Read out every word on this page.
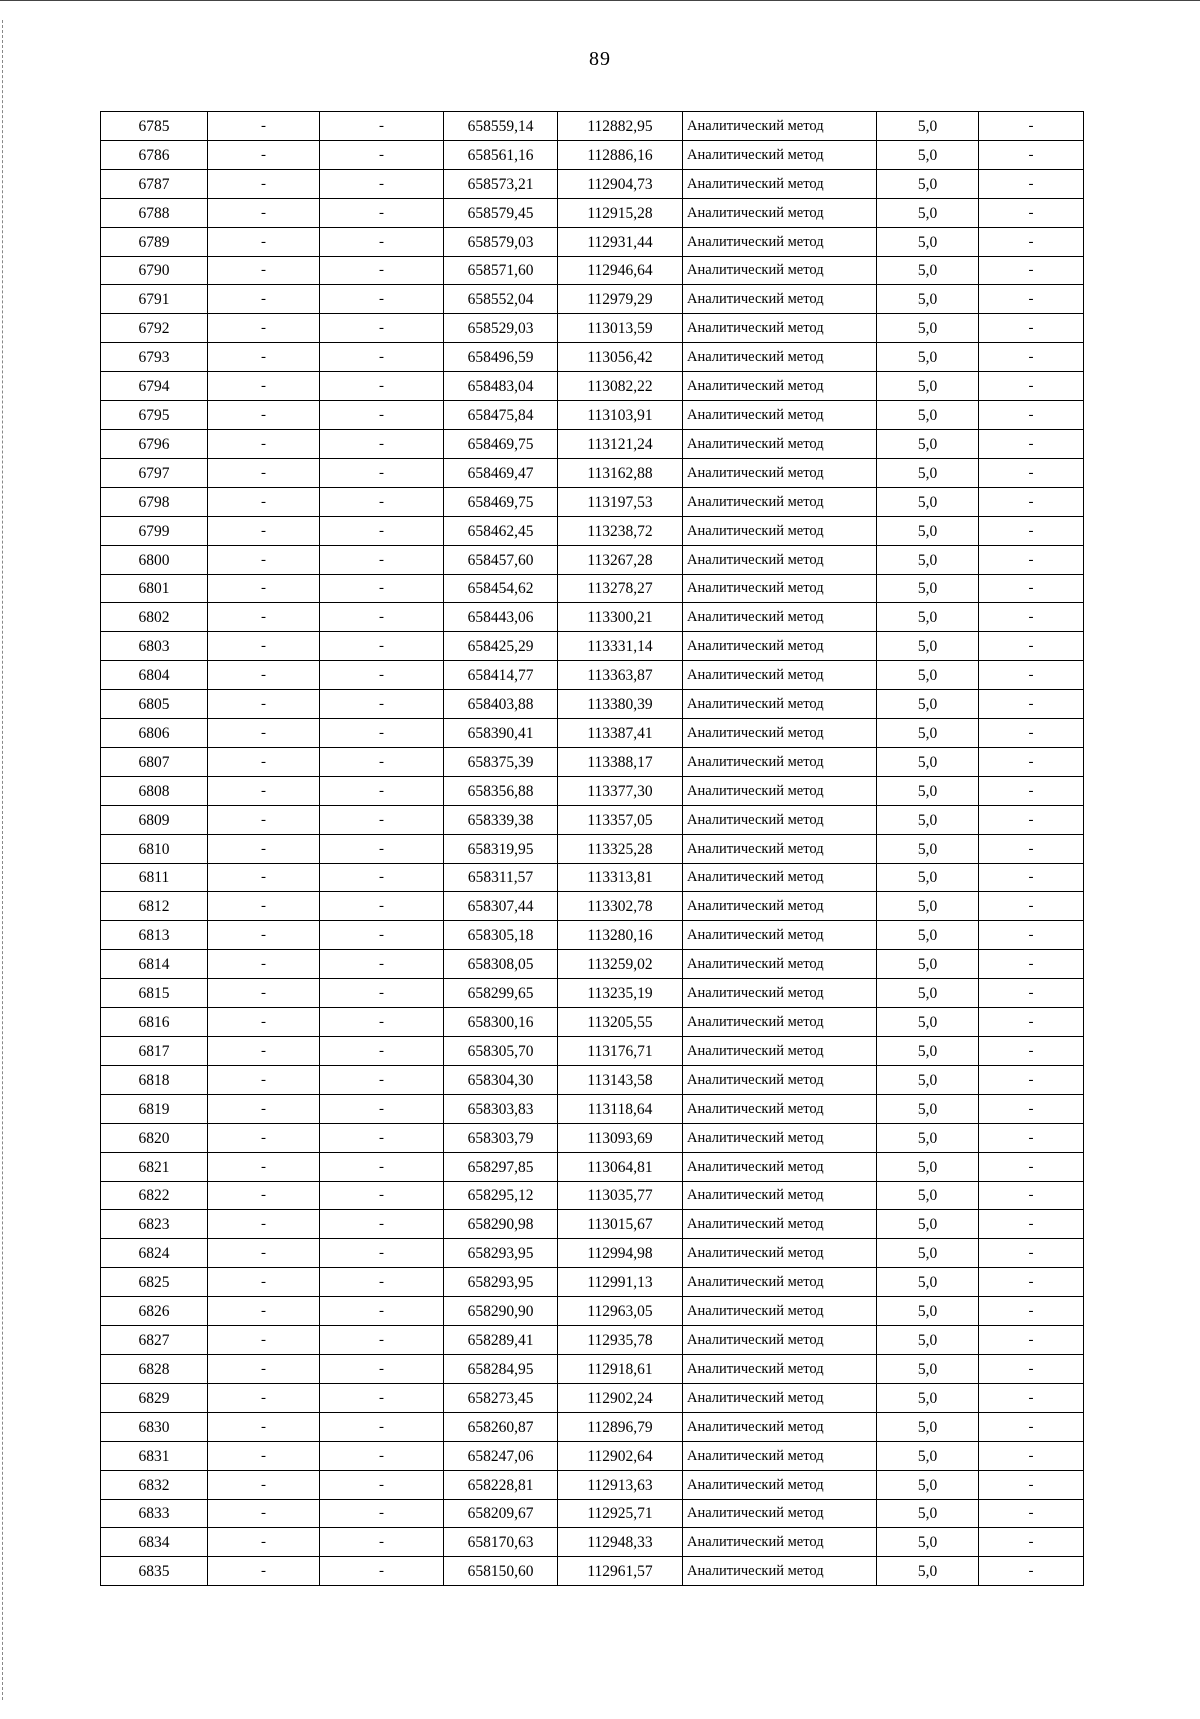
89
6785	-	-	658559,14	112882,95	Аналитический метод	5,0	-
6786	-	-	658561,16	112886,16	Аналитический метод	5,0	-
6787	-	-	658573,21	112904,73	Аналитический метод	5,0	-
6788	-	-	658579,45	112915,28	Аналитический метод	5,0	-
6789	-	-	658579,03	112931,44	Аналитический метод	5,0	-
6790	-	-	658571,60	112946,64	Аналитический метод	5,0	-
6791	-	-	658552,04	112979,29	Аналитический метод	5,0	-
6792	-	-	658529,03	113013,59	Аналитический метод	5,0	-
6793	-	-	658496,59	113056,42	Аналитический метод	5,0	-
6794	-	-	658483,04	113082,22	Аналитический метод	5,0	-
6795	-	-	658475,84	113103,91	Аналитический метод	5,0	-
6796	-	-	658469,75	113121,24	Аналитический метод	5,0	-
6797	-	-	658469,47	113162,88	Аналитический метод	5,0	-
6798	-	-	658469,75	113197,53	Аналитический метод	5,0	-
6799	-	-	658462,45	113238,72	Аналитический метод	5,0	-
6800	-	-	658457,60	113267,28	Аналитический метод	5,0	-
6801	-	-	658454,62	113278,27	Аналитический метод	5,0	-
6802	-	-	658443,06	113300,21	Аналитический метод	5,0	-
6803	-	-	658425,29	113331,14	Аналитический метод	5,0	-
6804	-	-	658414,77	113363,87	Аналитический метод	5,0	-
6805	-	-	658403,88	113380,39	Аналитический метод	5,0	-
6806	-	-	658390,41	113387,41	Аналитический метод	5,0	-
6807	-	-	658375,39	113388,17	Аналитический метод	5,0	-
6808	-	-	658356,88	113377,30	Аналитический метод	5,0	-
6809	-	-	658339,38	113357,05	Аналитический метод	5,0	-
6810	-	-	658319,95	113325,28	Аналитический метод	5,0	-
6811	-	-	658311,57	113313,81	Аналитический метод	5,0	-
6812	-	-	658307,44	113302,78	Аналитический метод	5,0	-
6813	-	-	658305,18	113280,16	Аналитический метод	5,0	-
6814	-	-	658308,05	113259,02	Аналитический метод	5,0	-
6815	-	-	658299,65	113235,19	Аналитический метод	5,0	-
6816	-	-	658300,16	113205,55	Аналитический метод	5,0	-
6817	-	-	658305,70	113176,71	Аналитический метод	5,0	-
6818	-	-	658304,30	113143,58	Аналитический метод	5,0	-
6819	-	-	658303,83	113118,64	Аналитический метод	5,0	-
6820	-	-	658303,79	113093,69	Аналитический метод	5,0	-
6821	-	-	658297,85	113064,81	Аналитический метод	5,0	-
6822	-	-	658295,12	113035,77	Аналитический метод	5,0	-
6823	-	-	658290,98	113015,67	Аналитический метод	5,0	-
6824	-	-	658293,95	112994,98	Аналитический метод	5,0	-
6825	-	-	658293,95	112991,13	Аналитический метод	5,0	-
6826	-	-	658290,90	112963,05	Аналитический метод	5,0	-
6827	-	-	658289,41	112935,78	Аналитический метод	5,0	-
6828	-	-	658284,95	112918,61	Аналитический метод	5,0	-
6829	-	-	658273,45	112902,24	Аналитический метод	5,0	-
6830	-	-	658260,87	112896,79	Аналитический метод	5,0	-
6831	-	-	658247,06	112902,64	Аналитический метод	5,0	-
6832	-	-	658228,81	112913,63	Аналитический метод	5,0	-
6833	-	-	658209,67	112925,71	Аналитический метод	5,0	-
6834	-	-	658170,63	112948,33	Аналитический метод	5,0	-
6835	-	-	658150,60	112961,57	Аналитический метод	5,0	-
